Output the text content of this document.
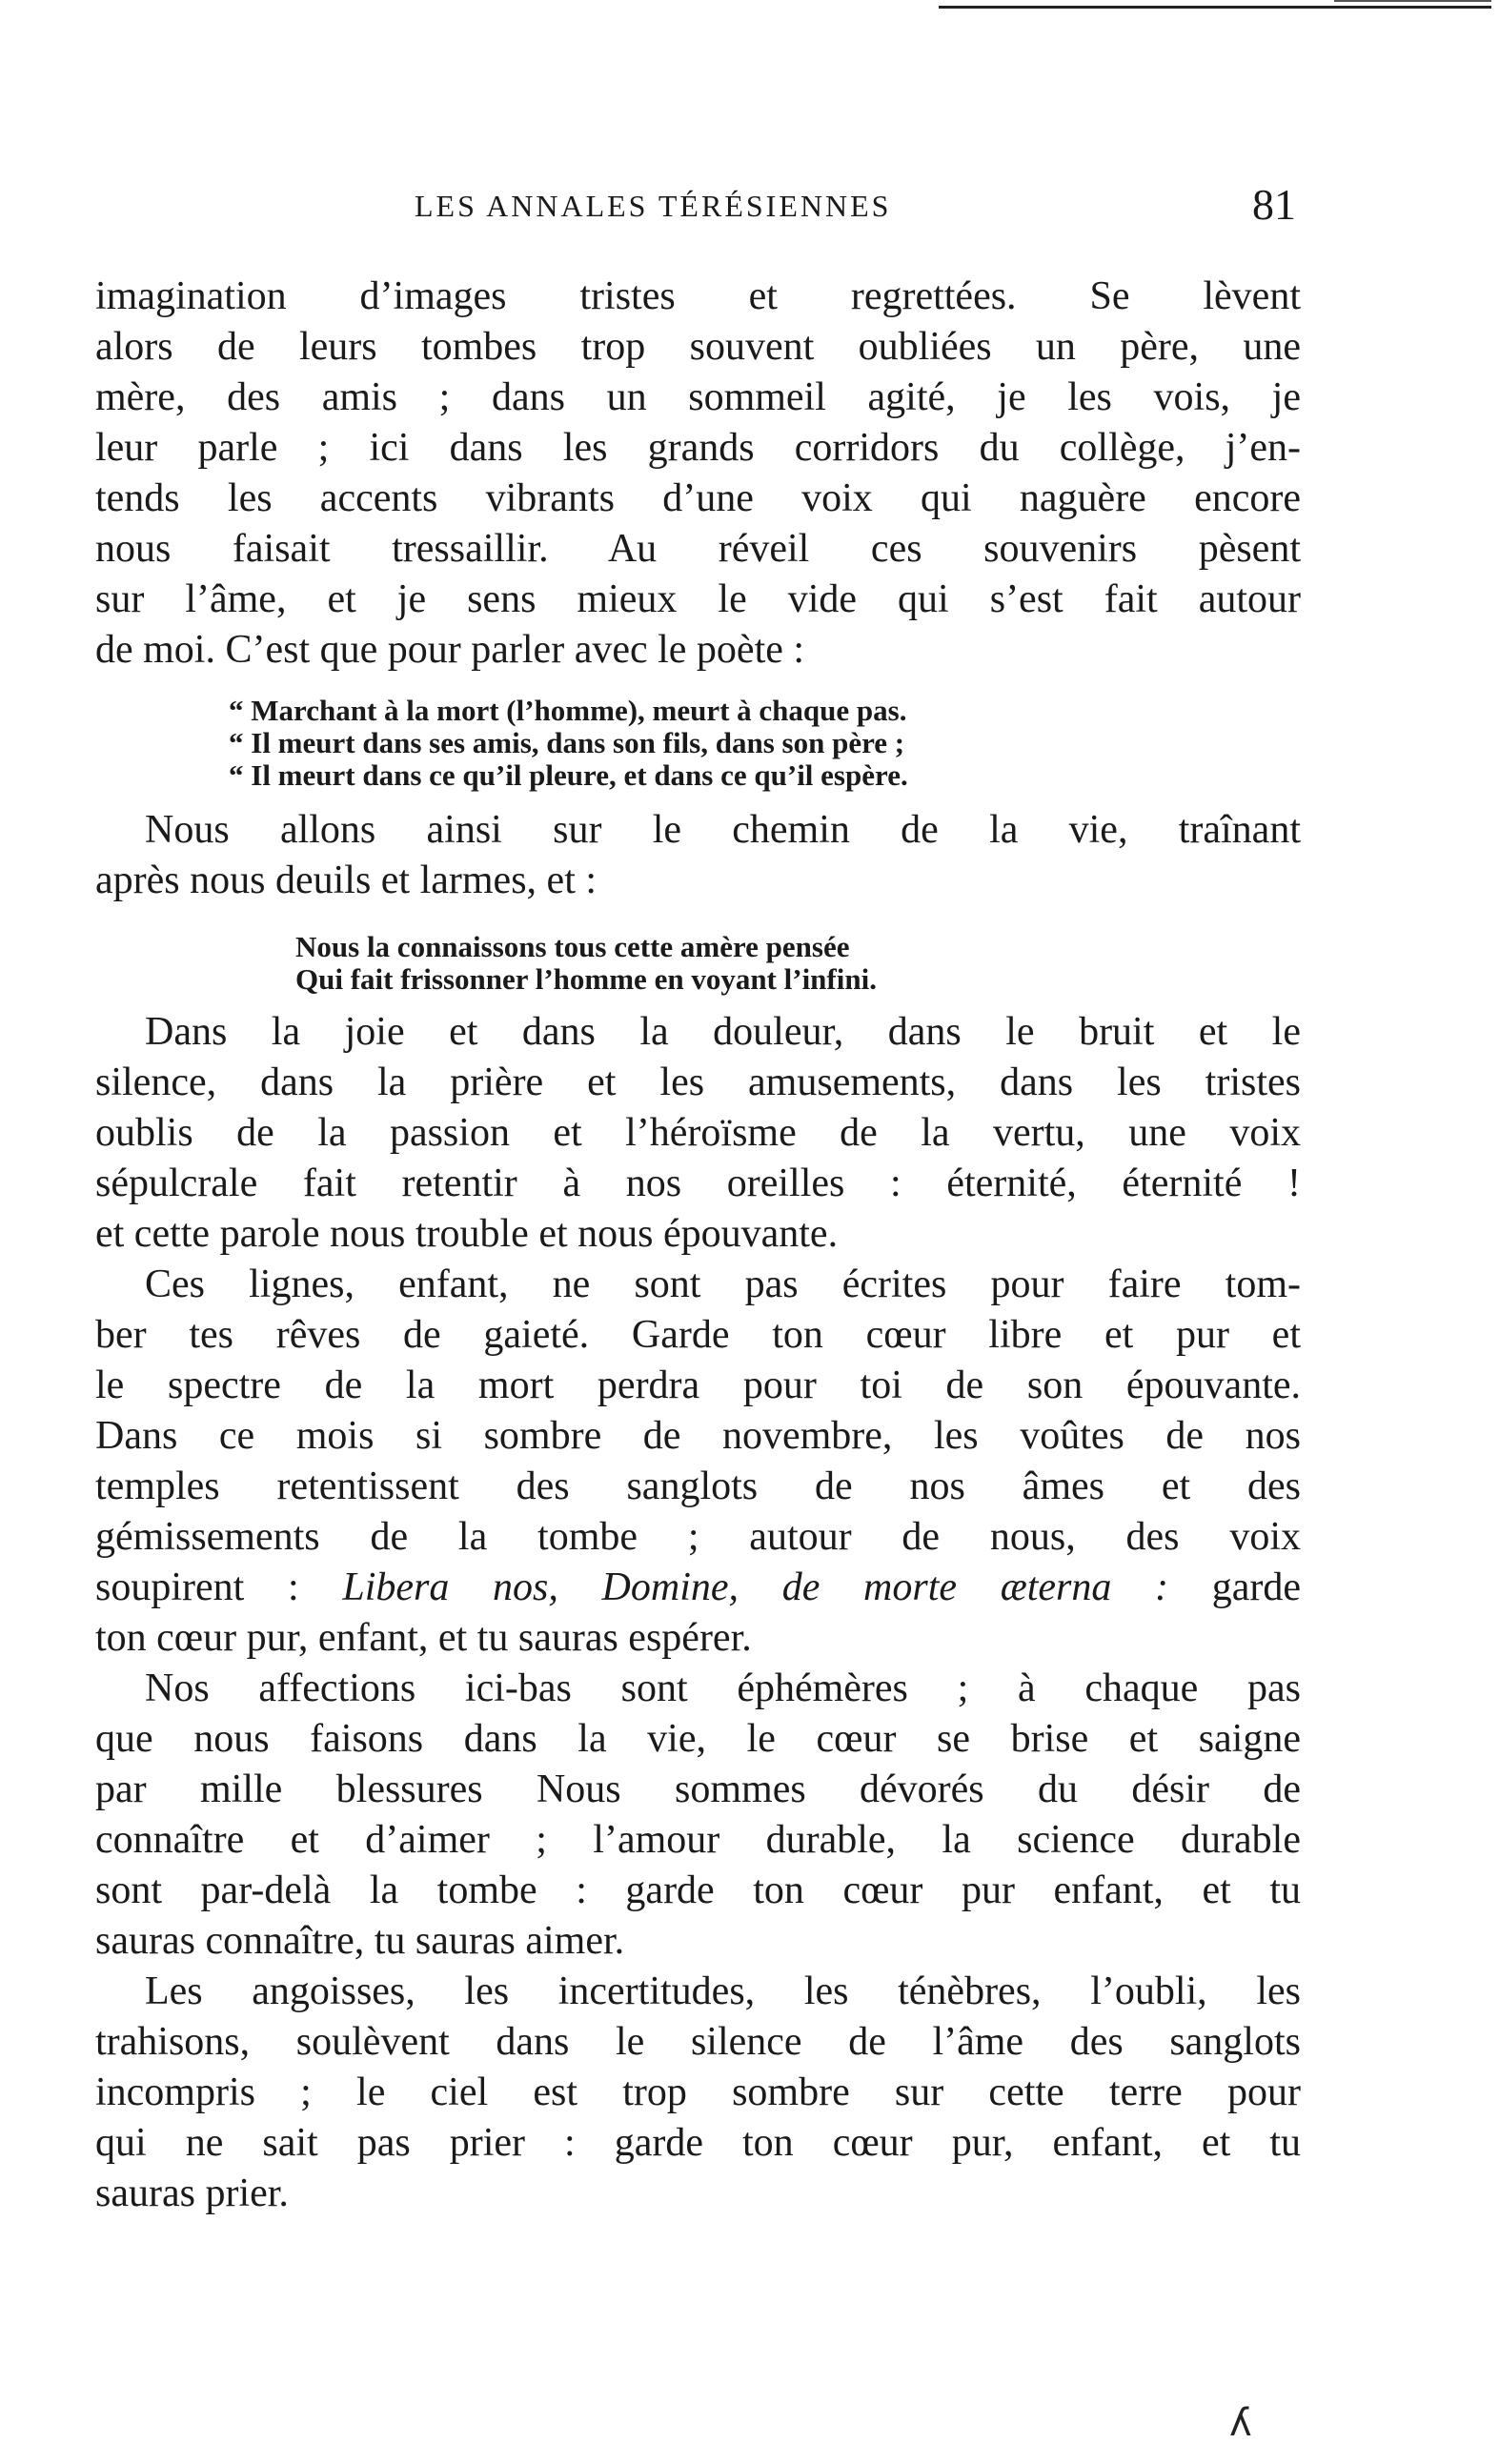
LES ANNALES TÉRÉSIENNES	81
imagination d’images tristes et regrettées. Se lèvent
alors de leurs tombes trop souvent oubliées un père, une
mère, des amis ; dans un sommeil agité, je les vois, je
leur parle ; ici dans les grands corridors du collège, j’en-
tends les accents vibrants d’une voix qui naguère encore
nous faisait tressaillir. Au réveil ces souvenirs pèsent
sur l’âme, et je sens mieux le vide qui s’est fait autour
de moi. C’est que pour parler avec le poète :
“ Marchant à la mort (l’homme), meurt à chaque pas.
“ Il meurt dans ses amis, dans son fils, dans son père ;
“ Il meurt dans ce qu’il pleure, et dans ce qu’il espère.
Nous allons ainsi sur le chemin de la vie, traînant
après nous deuils et larmes, et :
Nous la connaissons tous cette amère pensée
Qui fait frissonner l’homme en voyant l’infini.
Dans la joie et dans la douleur, dans le bruit et le
silence, dans la prière et les amusements, dans les tristes
oublis de la passion et l’héroïsme de la vertu, une voix
sépulcrale fait retentir à nos oreilles : éternité, éternité !
et cette parole nous trouble et nous épouvante.
Ces lignes, enfant, ne sont pas écrites pour faire tom-
ber tes rêves de gaieté. Garde ton cœur libre et pur et
le spectre de la mort perdra pour toi de son épouvante.
Dans ce mois si sombre de novembre, les voûtes de nos
temples retentissent des sanglots de nos âmes et des
gémissements de la tombe ; autour de nous, des voix
soupirent : Libera nos, Domine, de morte æterna : garde
ton cœur pur, enfant, et tu sauras espérer.
Nos affections ici-bas sont éphémères ; à chaque pas
que nous faisons dans la vie, le cœur se brise et saigne
par mille blessures Nous sommes dévorés du désir de
connaître et d’aimer ; l’amour durable, la science durable
sont par-delà la tombe : garde ton cœur pur enfant, et tu
sauras connaître, tu sauras aimer.
Les angoisses, les incertitudes, les ténèbres, l’oubli, les
trahisons, soulèvent dans le silence de l’âme des sanglots
incompris ; le ciel est trop sombre sur cette terre pour
qui ne sait pas prier : garde ton cœur pur, enfant, et tu
sauras prier.
ʎ
